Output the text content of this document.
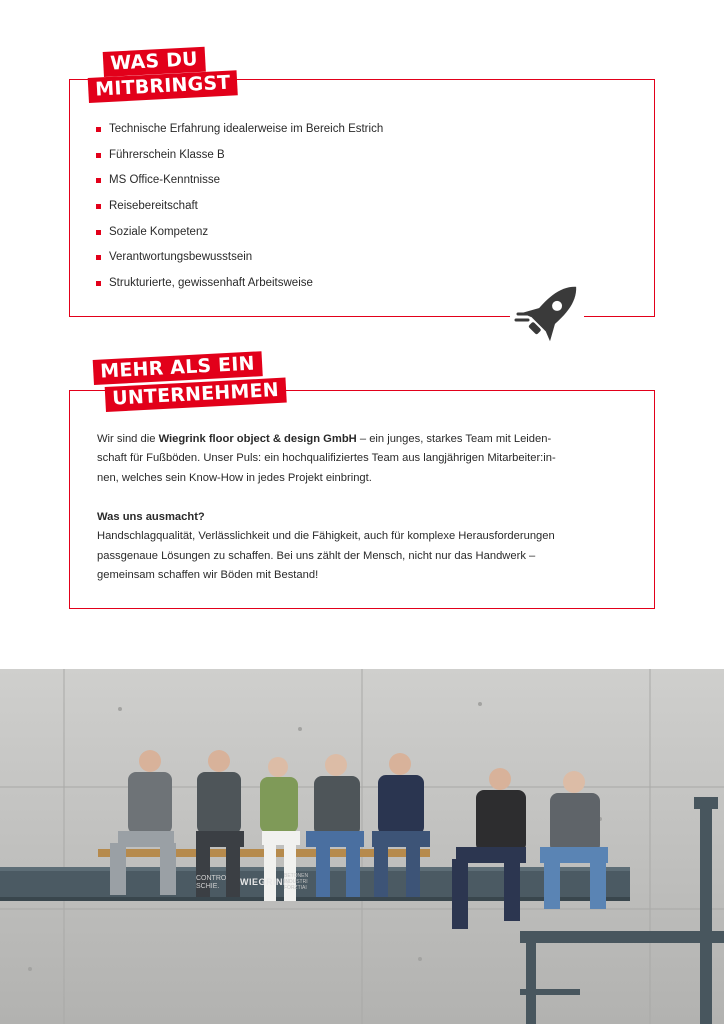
WAS DU
MITBRINGST
Technische Erfahrung idealerweise im Bereich Estrich
Führerschein Klasse B
MS Office-Kenntnisse
Reisebereitschaft
Soziale Kompetenz
Verantwortungsbewusstsein
Strukturierte, gewissenhaft Arbeitsweise
MEHR ALS EIN
UNTERNEHMEN

Wir sind die Wiegrink floor object & design GmbH – ein junges, starkes Team mit Leiden-
schaft für Fußböden. Unser Puls: ein hochqualifiziertes Team aus langjährigen Mitarbeiter:in-
nen, welches sein Know-How in jedes Projekt einbringt.

Was uns ausmacht?
Handschlagqualität, Verlässlichkeit und die Fähigkeit, auch für komplexe Herausforderungen
passgenaue Lösungen zu schaffen. Bei uns zählt der Mensch, nicht nur das Handwerk –
gemeinsam schaffen wir Böden mit Bestand!

WIEGRINK
CONTRO SCHIE.
BETONEN INDUSTRI FORZTIAI
